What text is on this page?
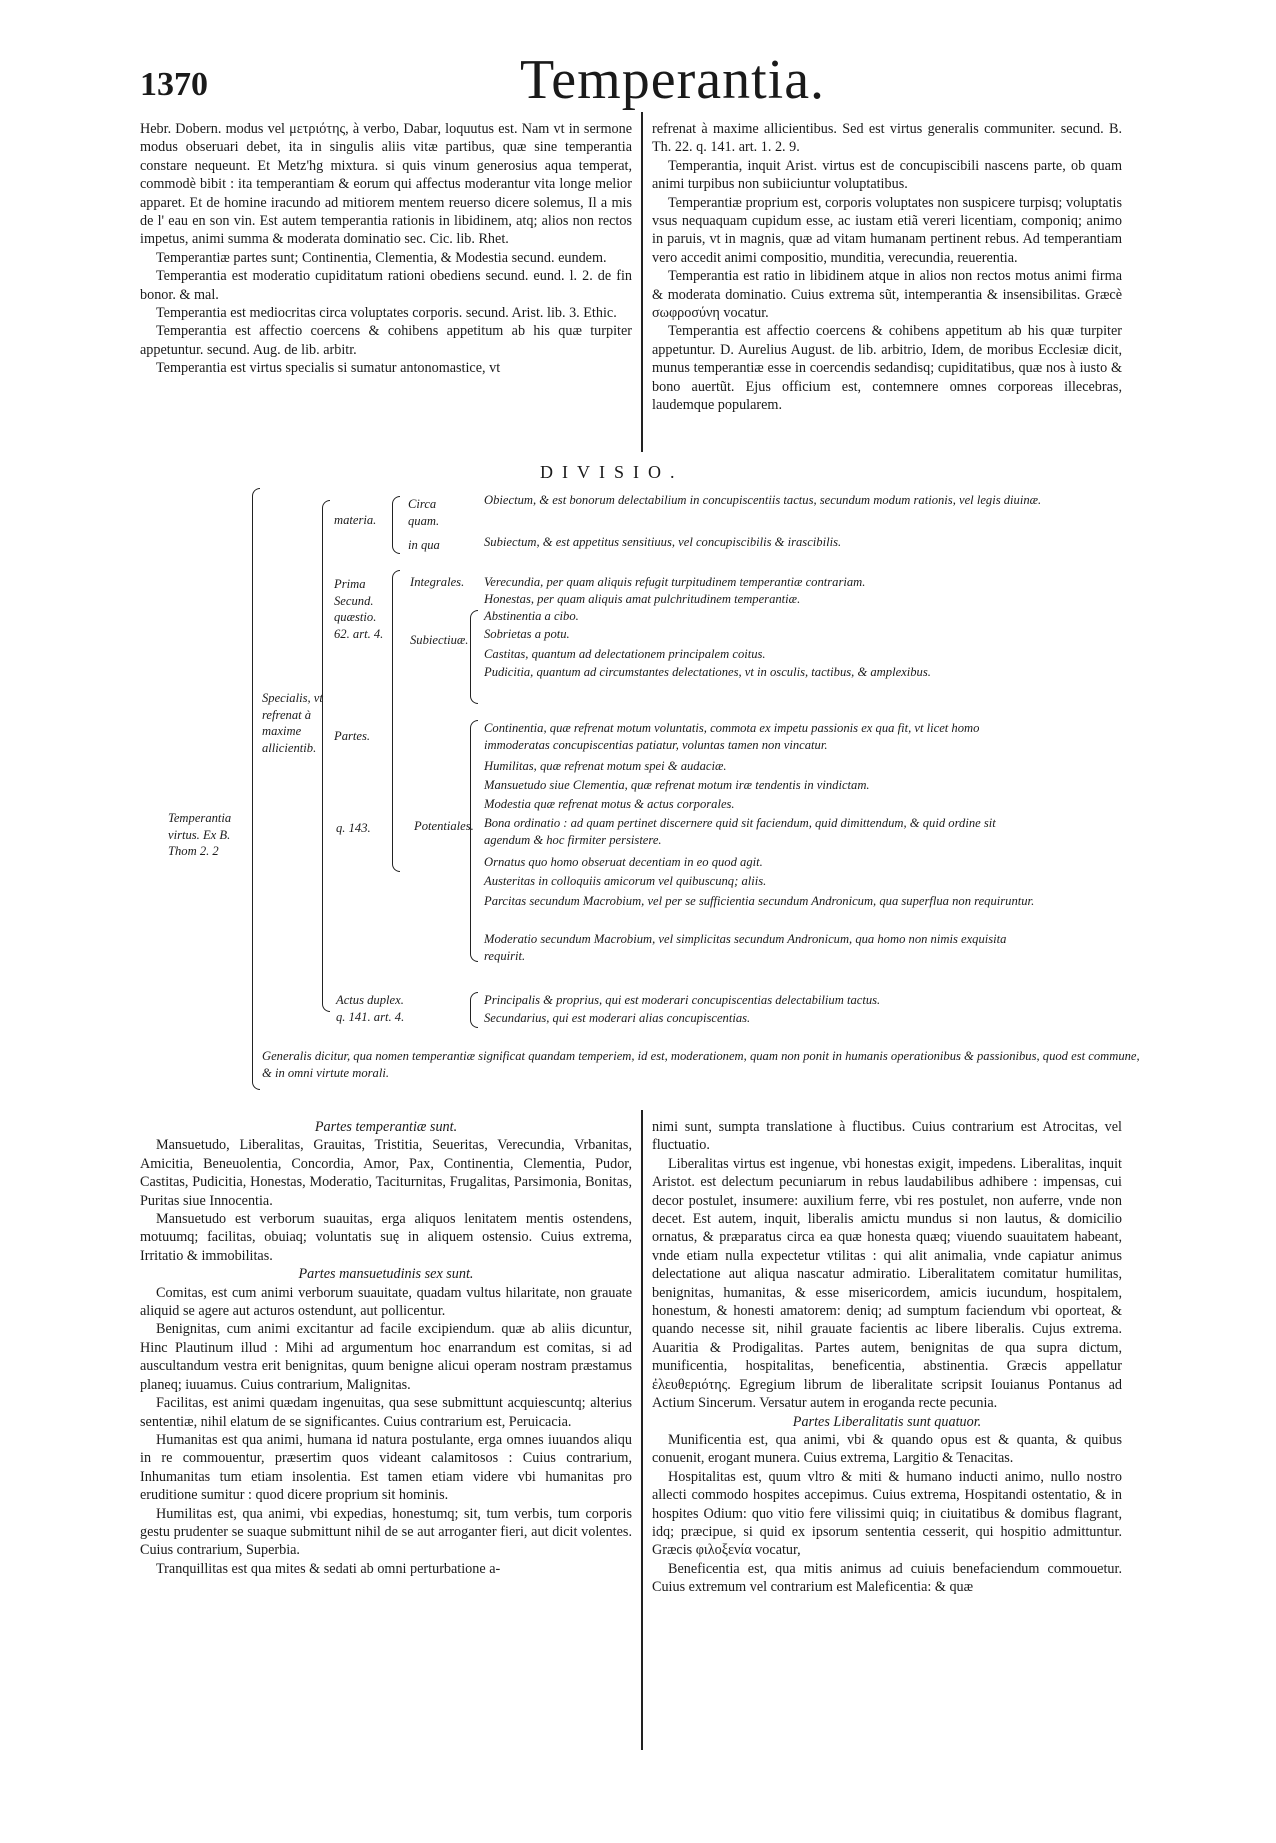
1370	Temperantia.

Hebr. Dobern. modus vel μετριότης, à verbo, Dabar, loquutus est. Nam vt in sermone modus obseruari debet, ita in singulis aliis vitæ partibus, quæ sine temperantia constare nequeunt. Et Metz'hg mixtura. si quis vinum generosius aqua temperat, commodè bibit : ita temperantiam & eorum qui affectus moderantur vita longe melior apparet. Et de homine iracundo ad mitiorem mentem reuerso dicere solemus, Il a mis de l' eau en son vin. Est autem temperantia rationis in libidinem, atq; alios non rectos impetus, animi summa & moderata dominatio sec. Cic. lib. Rhet.

Temperantiæ partes sunt; Continentia, Clementia, & Modestia secund. eundem.

Temperantia est moderatio cupiditatum rationi obediens secund. eund. l. 2. de fin bonor. & mal.

Temperantia est mediocritas circa voluptates corporis. secund. Arist. lib. 3. Ethic.

Temperantia est affectio coercens & cohibens appetitum ab his quæ turpiter appetuntur. secund. Aug. de lib. arbitr.

Temperantia est virtus specialis si sumatur antonomastice, vt

refrenat à maxime allicientibus. Sed est virtus generalis communiter. secund. B. Th. 22. q. 141. art. 1. 2. 9.

Temperantia, inquit Arist. virtus est de concupiscibili nascens parte, ob quam animi turpibus non subiiciuntur voluptatibus.

Temperantiæ proprium est, corporis voluptates non suspicere turpisq; voluptatis vsus nequaquam cupidum esse, ac iustam etiã vereri licentiam, componiq; animo in paruis, vt in magnis, quæ ad vitam humanam pertinent rebus. Ad temperantiam vero accedit animi compositio, munditia, verecundia, reuerentia.

Temperantia est ratio in libidinem atque in alios non rectos motus animi firma & moderata dominatio. Cuius extrema sũt, intemperantia & insensibilitas. Græcè σωφροσύνη vocatur.

Temperantia est affectio coercens & cohibens appetitum ab his quæ turpiter appetuntur. D. Aurelius August. de lib. arbitrio, Idem, de moribus Ecclesiæ dicit, munus temperantiæ esse in coercendis sedandisq; cupiditatibus, quæ nos à iusto & bono auertũt. Ejus officium est, contemnere omnes corporeas illecebras, laudemque popularem.

DIVISIO.
Temperantia virtus. Ex B. Thom 2. 2
Specialis, vt refrenat à maxime allicientib.
materia.
Circa quam.
in qua
Obiectum, & est bonorum delectabilium in concupiscentiis tactus, secundum modum rationis, vel legis diuinæ.
Subiectum, & est appetitus sensitiuus, vel concupiscibilis & irascibilis.
Prima Secund. quæstio. 62. art. 4.
Partes.
Integrales. Verecundia, per quam aliquis refugit turpitudinem temperantiæ contrariam.
Honestas, per quam aliquis amat pulchritudinem temperantiæ.
Subiectiuæ.
Abstinentia a cibo.
Sobrietas a potu.
Castitas, quantum ad delectationem principalem coitus.
Pudicitia, quantum ad circumstantes delectationes, vt in osculis, tactibus, & amplexibus.
q. 143.	Potentiales.
Continentia, quæ refrenat motum voluntatis, commota ex impetu passionis ex qua fit, vt licet homo immoderatas concupiscentias patiatur, voluntas tamen non vincatur.
Humilitas, quæ refrenat motum spei & audaciæ.
Mansuetudo siue Clementia, quæ refrenat motum iræ tendentis in vindictam.
Modestia quæ refrenat motus & actus corporales.
Bona ordinatio : ad quam pertinet discernere quid sit faciendum, quid dimittendum, & quid ordine sit agendum & hoc firmiter persistere.
Ornatus quo homo obseruat decentiam in eo quod agit.
Austeritas in colloquiis amicorum vel quibuscunq; aliis.
Parcitas secundum Macrobium, vel per se sufficientia secundum Andronicum, qua superflua non requiruntur.
Moderatio secundum Macrobium, vel simplicitas secundum Andronicum, qua homo non nimis exquisita requirit.
Actus duplex. q. 141. art. 4.
Principalis & proprius, qui est moderari concupiscentias delectabilium tactus.
Secundarius, qui est moderari alias concupiscentias.
Generalis dicitur, qua nomen temperantiæ significat quandam temperiem, id est, moderationem, quam non ponit in humanis operationibus & passionibus, quod est commune, & in omni virtute morali.

Partes temperantiæ sunt.

Mansuetudo, Liberalitas, Grauitas, Tristitia, Seueritas, Verecundia, Vrbanitas, Amicitia, Beneuolentia, Concordia, Amor, Pax, Continentia, Clementia, Pudor, Castitas, Pudicitia, Honestas, Moderatio, Taciturnitas, Frugalitas, Parsimonia, Bonitas, Puritas siue Innocentia.

Mansuetudo est verborum suauitas, erga aliquos lenitatem mentis ostendens, motuumq; facilitas, obuiaq; voluntatis suę in aliquem ostensio. Cuius extrema, Irritatio & immobilitas.

Partes mansuetudinis sex sunt.

Comitas, est cum animi verborum suauitate, quadam vultus hilaritate, non grauate aliquid se agere aut acturos ostendunt, aut pollicentur.

Benignitas, cum animi excitantur ad facile excipiendum. quæ ab aliis dicuntur, Hinc Plautinum illud : Mihi ad argumentum hoc enarrandum est comitas, si ad auscultandum vestra erit benignitas, quum benigne alicui operam nostram præstamus planeq; iuuamus. Cuius contrarium, Malignitas.

Facilitas, est animi quædam ingenuitas, qua sese submittunt acquiescuntq; alterius sententiæ, nihil elatum de se significantes. Cuius contrarium est, Peruicacia.

Humanitas est qua animi, humana id natura postulante, erga omnes iuuandos aliqu in re commouentur, præsertim quos videant calamitosos : Cuius contrarium, Inhumanitas tum etiam insolentia. Est tamen etiam videre vbi humanitas pro eruditione sumitur : quod dicere proprium sit hominis.

Humilitas est, qua animi, vbi expedias, honestumq; sit, tum verbis, tum corporis gestu prudenter se suaque submittunt nihil de se aut arroganter fieri, aut dicit volentes. Cuius contrarium, Superbia.

Tranquillitas est qua mites & sedati ab omni perturbatione a-

nimi sunt, sumpta translatione à fluctibus. Cuius contrarium est Atrocitas, vel fluctuatio.

Liberalitas virtus est ingenue, vbi honestas exigit, impedens. Liberalitas, inquit Aristot. est delectum pecuniarum in rebus laudabilibus adhibere : impensas, cui decor postulet, insumere: auxilium ferre, vbi res postulet, non auferre, vnde non decet. Est autem, inquit, liberalis amictu mundus si non lautus, & domicilio ornatus, & præparatus circa ea quæ honesta quæq; viuendo suauitatem habeant, vnde etiam nulla expectetur vtilitas : qui alit animalia, vnde capiatur animus delectatione aut aliqua nascatur admiratio. Liberalitatem comitatur humilitas, benignitas, humanitas, & esse misericordem, amicis iucundum, hospitalem, honestum, & honesti amatorem: deniq; ad sumptum faciendum vbi oporteat, & quando necesse sit, nihil grauate facientis ac libere liberalis. Cujus extrema. Auaritia & Prodigalitas. Partes autem, benignitas de qua supra dictum, munificentia, hospitalitas, beneficentia, abstinentia. Græcis appellatur ἐλευθεριότης. Egregium librum de liberalitate scripsit Iouianus Pontanus ad Actium Sincerum. Versatur autem in eroganda recte pecunia.

Partes Liberalitatis sunt quatuor.

Munificentia est, qua animi, vbi & quando opus est & quanta, & quibus conuenit, erogant munera. Cuius extrema, Largitio & Tenacitas.

Hospitalitas est, quum vltro & miti & humano inducti animo, nullo nostro allecti commodo hospites accepimus. Cuius extrema, Hospitandi ostentatio, & in hospites Odium: quo vitio fere vilissimi quiq; in ciuitatibus & domibus flagrant, idq; præcipue, si quid ex ipsorum sententia cesserit, qui hospitio admittuntur. Græcis φιλοξενία vocatur,

Beneficentia est, qua mitis animus ad cuiuis benefaciendum commouetur. Cuius extremum vel contrarium est Maleficentia: & quæ
